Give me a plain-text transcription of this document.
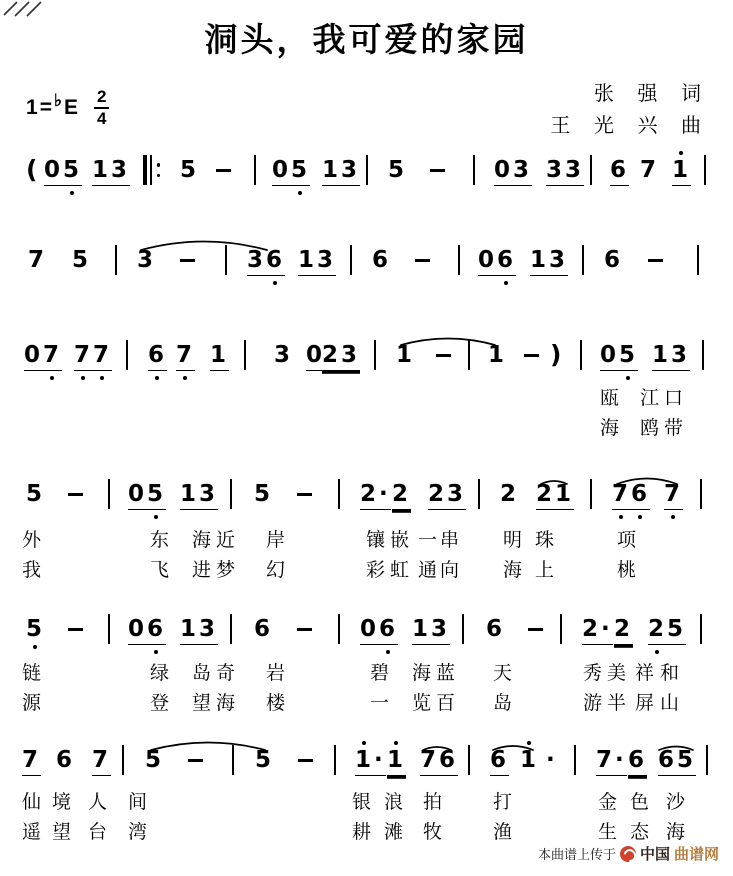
洞头，我可爱的家园
1 = ♭ E $\frac{2}{4}$	张 强 词
王 光 兴 曲
本曲谱上传于 中国 曲谱网
( 05 13 5	05 13 5	03 33 6 7 1
7 5 3	36 13 6	06 13 6
07 7
7 6 7 1 3 0
23 1	1 ) 05 13
5	05 13 5	2· 2 23 2 21 7
6 7
5	06 13 6	06 13 6	2· 2 2
5
7 6 7 5	5	1
· 1 76 6 1 · 7· 6 65
瓯 江 口
海 鸥 带
外	东 海 近 岸	镶 嵌 一 串 明 珠	项
我	飞 进 梦 幻	彩 虹 通 向 海 上	桃
链	绿 岛 奇 岩	碧 海 蓝 天	秀 美 祥 和
源	登 望 海 楼	一 览 百 岛	游 半 屏 山
仙 境 人 间	银 浪 拍	打	金 色 沙
遥 望 台 湾	耕 滩 牧	渔	生 态 海
